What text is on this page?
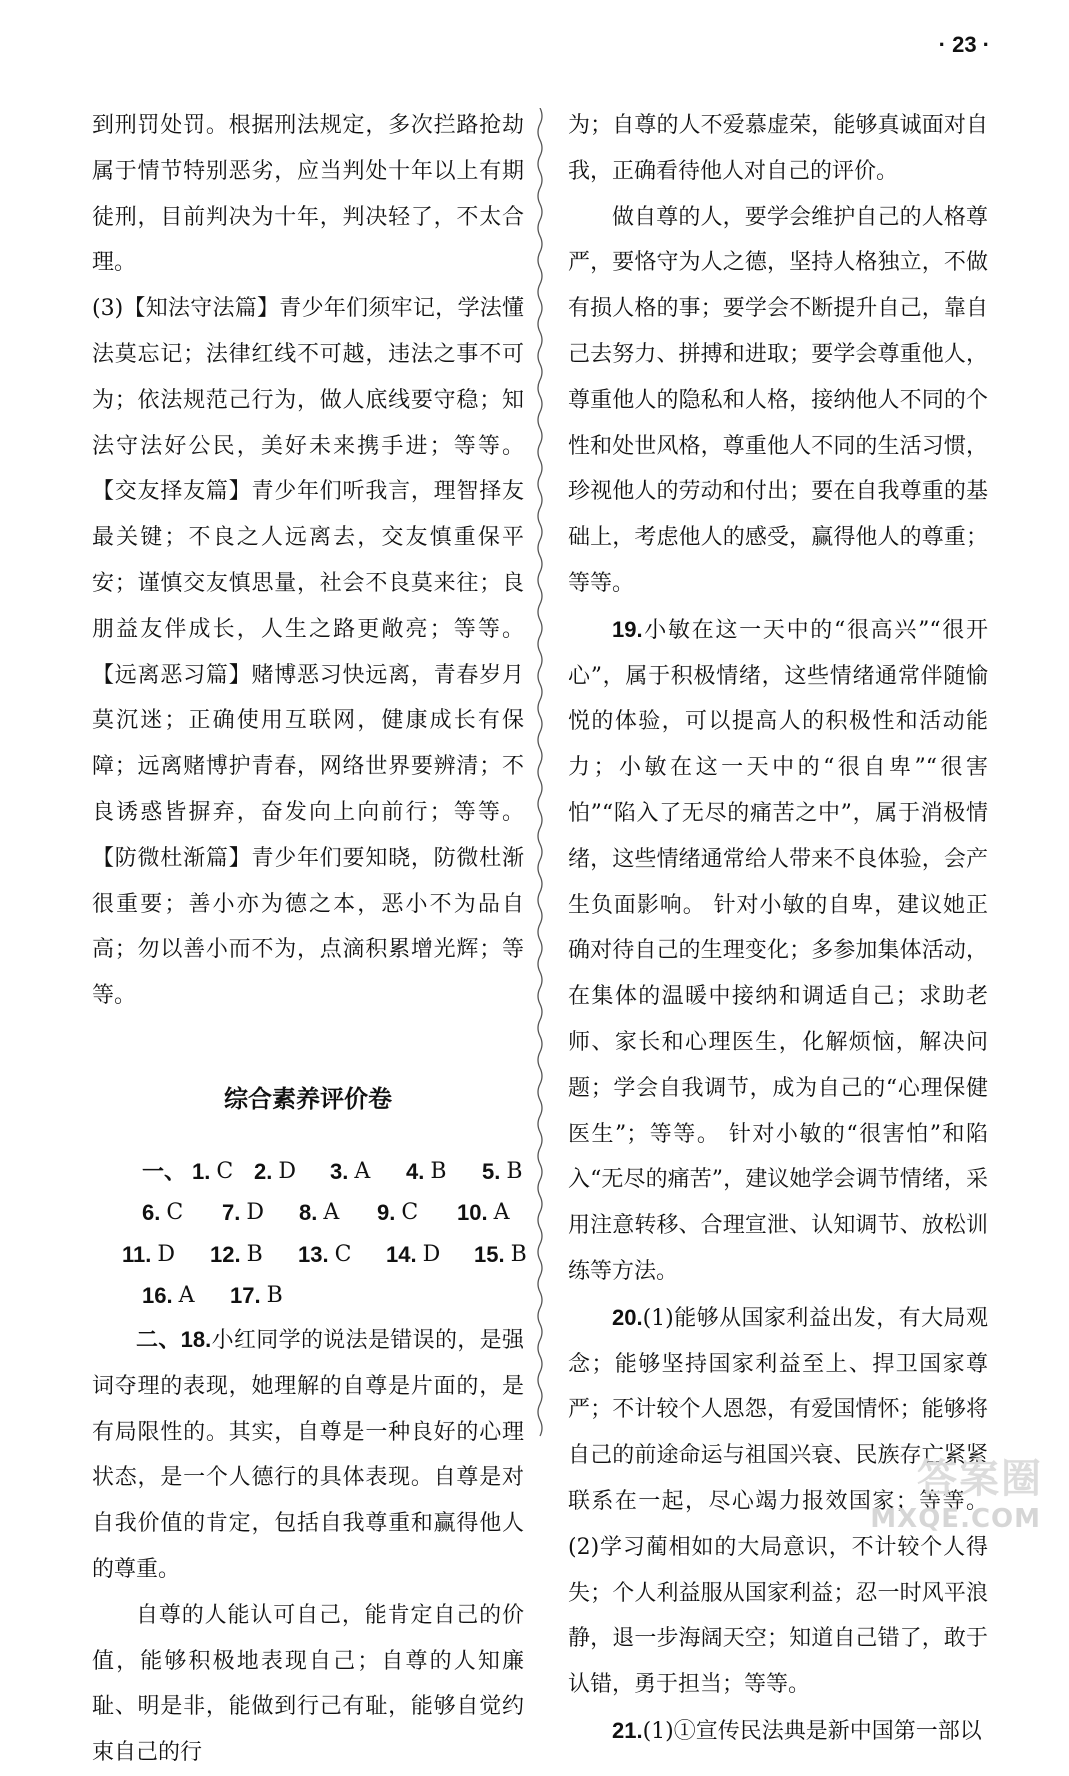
· 23 ·

到刑罚处罚。根据刑法规定，多次拦路抢劫属于情节特别恶劣，应当判处十年以上有期徒刑，目前判决为十年，判决轻了，不太合理。

(3)【知法守法篇】青少年们须牢记，学法懂法莫忘记；法律红线不可越，违法之事不可为；依法规范己行为，做人底线要守稳；知法守法好公民，美好未来携手进；等等。 【交友择友篇】青少年们听我言，理智择友最关键；不良之人远离去，交友慎重保平安；谨慎交友慎思量，社会不良莫来往；良朋益友伴成长，人生之路更敞亮；等等。 【远离恶习篇】赌博恶习快远离，青春岁月莫沉迷；正确使用互联网，健康成长有保障；远离赌博护青春，网络世界要辨清；不良诱惑皆摒弃，奋发向上向前行；等等。 【防微杜渐篇】青少年们要知晓，防微杜渐很重要；善小亦为德之本，恶小不为品自高；勿以善小而不为，点滴积累增光辉；等等。

综合素养评价卷
一、 1. C 2. D 3. A 4. B 5. B
6. C 7. D 8. A 9. C 10. A
11. D 12. B 13. C 14. D 15. B
16. A 17. B

二、18.小红同学的说法是错误的，是强词夺理的表现，她理解的自尊是片面的，是有局限性的。其实，自尊是一种良好的心理状态，是一个人德行的具体表现。自尊是对自我价值的肯定，包括自我尊重和赢得他人的尊重。

自尊的人能认可自己，能肯定自己的价值，能够积极地表现自己；自尊的人知廉耻、明是非，能做到行己有耻，能够自觉约束自己的行

为；自尊的人不爱慕虚荣，能够真诚面对自我，正确看待他人对自己的评价。

做自尊的人，要学会维护自己的人格尊严，要恪守为人之德，坚持人格独立，不做有损人格的事；要学会不断提升自己，靠自己去努力、拼搏和进取；要学会尊重他人，尊重他人的隐私和人格，接纳他人不同的个性和处世风格，尊重他人不同的生活习惯，珍视他人的劳动和付出；要在自我尊重的基础上，考虑他人的感受，赢得他人的尊重；等等。

19.小敏在这一天中的“很高兴”“很开心”，属于积极情绪，这些情绪通常伴随愉悦的体验，可以提高人的积极性和活动能力；小敏在这一天中的“很自卑”“很害怕”“陷入了无尽的痛苦之中”，属于消极情绪，这些情绪通常给人带来不良体验，会产生负面影响。 针对小敏的自卑，建议她正确对待自己的生理变化；多参加集体活动，在集体的温暖中接纳和调适自己；求助老师、家长和心理医生，化解烦恼，解决问题；学会自我调节，成为自己的“心理保健医生”；等等。 针对小敏的“很害怕”和陷入“无尽的痛苦”，建议她学会调节情绪，采用注意转移、合理宣泄、认知调节、放松训练等方法。

20.(1)能够从国家利益出发，有大局观念；能够坚持国家利益至上、捍卫国家尊严；不计较个人恩怨，有爱国情怀；能够将自己的前途命运与祖国兴衰、民族存亡紧紧联系在一起，尽心竭力报效国家；等等。 (2)学习蔺相如的大局意识，不计较个人得失；个人利益服从国家利益；忍一时风平浪静，退一步海阔天空；知道自己错了，敢于认错，勇于担当；等等。

21.(1)①宣传民法典是新中国第一部以

答案圈
MXQE.COM
